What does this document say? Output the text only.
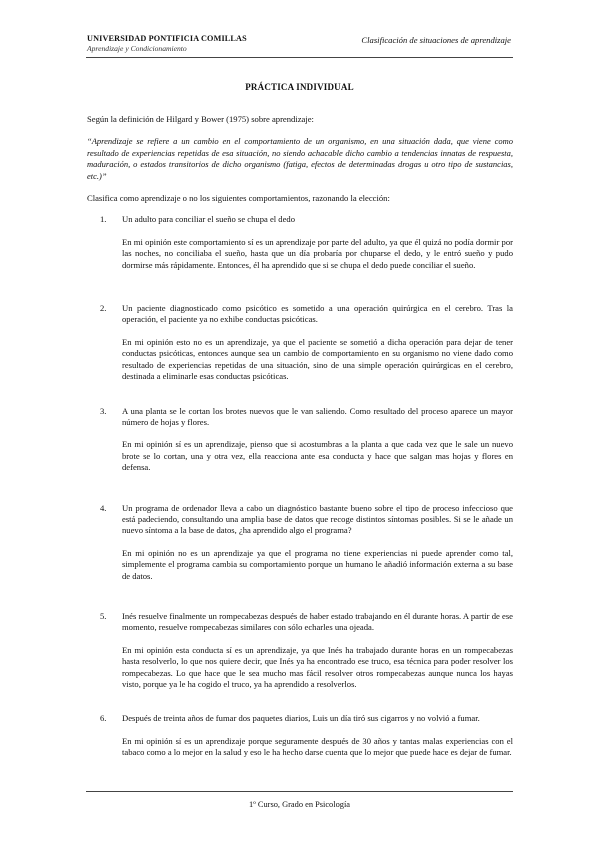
UNIVERSIDAD PONTIFICIA COMILLAS
Aprendizaje y Condicionamiento
Clasificación de situaciones de aprendizaje
PRÁCTICA INDIVIDUAL

Según la definición de Hilgard y Bower (1975) sobre aprendizaje:

“Aprendizaje se refiere a un cambio en el comportamiento de un organismo, en una situación dada, que viene como resultado de experiencias repetidas de esa situación, no siendo achacable dicho cambio a tendencias innatas de respuesta, maduración, o estados transitorios de dicho organismo (fatiga, efectos de determinadas drogas u otro tipo de sustancias, etc.)”

Clasifica como aprendizaje o no los siguientes comportamientos, razonando la elección:

1. Un adulto para conciliar el sueño se chupa el dedo
En mi opinión este comportamiento sí es un aprendizaje por parte del adulto, ya que él quizá no podía dormir por las noches, no conciliaba el sueño, hasta que un día probaría por chuparse el dedo, y le entró sueño y pudo dormirse más rápidamente. Entonces, él ha aprendido que si se chupa el dedo puede conciliar el sueño.
2. Un paciente diagnosticado como psicótico es sometido a una operación quirúrgica en el cerebro. Tras la operación, el paciente ya no exhibe conductas psicóticas.
En mi opinión esto no es un aprendizaje, ya que el paciente se sometió a dicha operación para dejar de tener conductas psicóticas, entonces aunque sea un cambio de comportamiento en su organismo no viene dado como resultado de experiencias repetidas de una situación, sino de una simple operación quirúrgicas en el cerebro, destinada a eliminarle esas conductas psicóticas.
3. A una planta se le cortan los brotes nuevos que le van saliendo. Como resultado del proceso aparece un mayor número de hojas y flores.
En mi opinión sí es un aprendizaje, pienso que si acostumbras a la planta a que cada vez que le sale un nuevo brote se lo cortan, una y otra vez, ella reacciona ante esa conducta y hace que salgan mas hojas y flores en defensa.
4. Un programa de ordenador lleva a cabo un diagnóstico bastante bueno sobre el tipo de proceso infeccioso que está padeciendo, consultando una amplia base de datos que recoge distintos síntomas posibles. Si se le añade un nuevo síntoma a la base de datos, ¿ha aprendido algo el programa?
En mi opinión no es un aprendizaje ya que el programa no tiene experiencias ni puede aprender como tal, simplemente el programa cambia su comportamiento porque un humano le añadió información externa a su base de datos.
5. Inés resuelve finalmente un rompecabezas después de haber estado trabajando en él durante horas. A partir de ese momento, resuelve rompecabezas similares con sólo echarles una ojeada.
En mi opinión esta conducta sí es un aprendizaje, ya que Inés ha trabajado durante horas en un rompecabezas hasta resolverlo, lo que nos quiere decir, que Inés ya ha encontrado ese truco, esa técnica para poder resolver los rompecabezas. Lo que hace que le sea mucho mas fácil resolver otros rompecabezas aunque nunca los hayas visto, porque ya le ha cogido el truco, ya ha aprendido a resolverlos.
6. Después de treinta años de fumar dos paquetes diarios, Luis un día tiró sus cigarros y no volvió a fumar.
En mi opinión sí es un aprendizaje porque seguramente después de 30 años y tantas malas experiencias con el tabaco como a lo mejor en la salud y eso le ha hecho darse cuenta que lo mejor que puede hace es dejar de fumar.
1º Curso, Grado en Psicología
